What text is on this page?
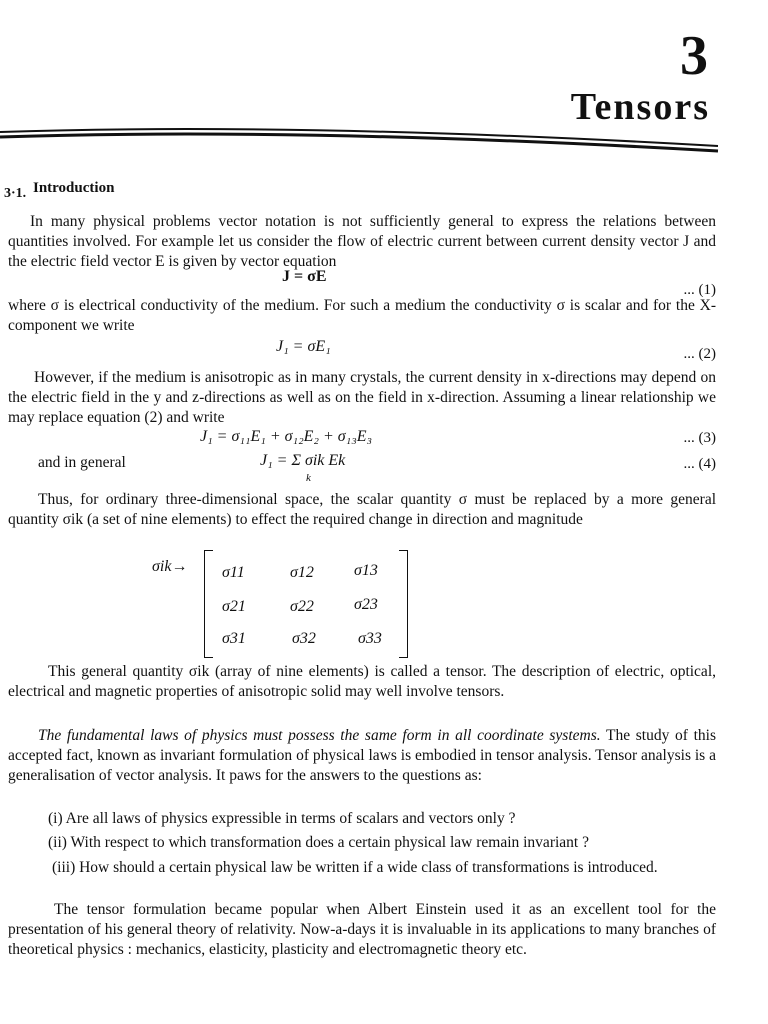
3
Tensors
3·1. Introduction
In many physical problems vector notation is not sufficiently general to express the relations between quantities involved. For example let us consider the flow of electric current between current density vector J and the electric field vector E is given by vector equation
J = σE
... (1)
where σ is electrical conductivity of the medium. For such a medium the conductivity σ is scalar and for the X-component we write
J₁ = σE₁	... (2)
However, if the medium is anisotropic as in many crystals, the current density in x-directions may depend on the electric field in the y and z-directions as well as on the field in x-direction. Assuming a linear relationship we may replace equation (2) and write
J₁ = σ₁₁E₁ + σ₁₂E₂ + σ₁₃E₃	... (3)
and in general	J₁ = Σ σik Ek
k
... (4)
Thus, for ordinary three-dimensional space, the scalar quantity σ must be replaced by a more general quantity σik (a set of nine elements) to effect the required change in direction and magnitude
σik→ σ11	σ12	σ13
σ21	σ22	σ23
σ31	σ32	σ33
This general quantity σik (array of nine elements) is called a tensor. The description of electric, optical, electrical and magnetic properties of anisotropic solid may well involve tensors.
The fundamental laws of physics must possess the same form in all coordinate systems. The study of this accepted fact, known as invariant formulation of physical laws is embodied in tensor analysis. Tensor analysis is a generalisation of vector analysis. It paws for the answers to the questions as:
(i) Are all laws of physics expressible in terms of scalars and vectors only ?
(ii) With respect to which transformation does a certain physical law remain invariant ?
(iii) How should a certain physical law be written if a wide class of transformations is introduced.
The tensor formulation became popular when Albert Einstein used it as an excellent tool for the presentation of his general theory of relativity. Now-a-days it is invaluable in its applications to many branches of theoretical physics : mechanics, elasticity, plasticity and electromagnetic theory etc.
